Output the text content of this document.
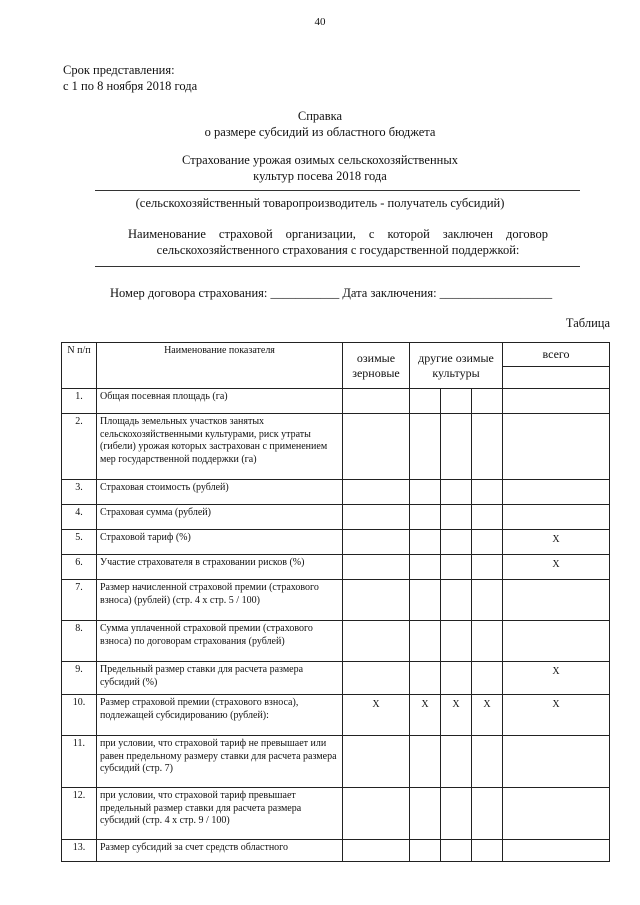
40
Срок представления:
с 1 по 8 ноября 2018 года
Справка
о размере субсидий из областного бюджета
Страхование урожая озимых сельскохозяйственных
культур посева 2018 года
(сельскохозяйственный товаропроизводитель - получатель субсидий)
Наименование страховой организации, с которой заключен договор
сельскохозяйственного страхования с государственной поддержкой:
Номер договора страхования: ___________ Дата заключения: __________________
Таблица
N п/п	Наименование показателя	озимые зерновые	другие озимые культуры			всего

1.	Общая посевная площадь (га)					
2.	Площадь земельных участков занятых сельскохозяйственными культурами, риск утраты (гибели) урожая которых застрахован с применением мер государственной поддержки (га)					
3.	Страховая стоимость (рублей)					
4.	Страховая сумма (рублей)					
5.	Страховой тариф (%)					X
6.	Участие страхователя в страховании рисков (%)					X
7.	Размер начисленной страховой премии (страхового взноса) (рублей) (стр. 4 x стр. 5 / 100)					
8.	Сумма уплаченной страховой премии (страхового взноса) по договорам страхования (рублей)					
9.	Предельный размер ставки для расчета размера субсидий (%)					X
10.	Размер страховой премии (страхового взноса), подлежащей субсидированию (рублей):	X	X	X	X	X
11.	при условии, что страховой тариф не превышает или равен предельному размеру ставки для расчета размера субсидий (стр. 7)					
12.	при условии, что страховой тариф превышает предельный размер ставки для расчета размера субсидий (стр. 4 x стр. 9 / 100)					
13.	Размер субсидий за счет средств областного					
